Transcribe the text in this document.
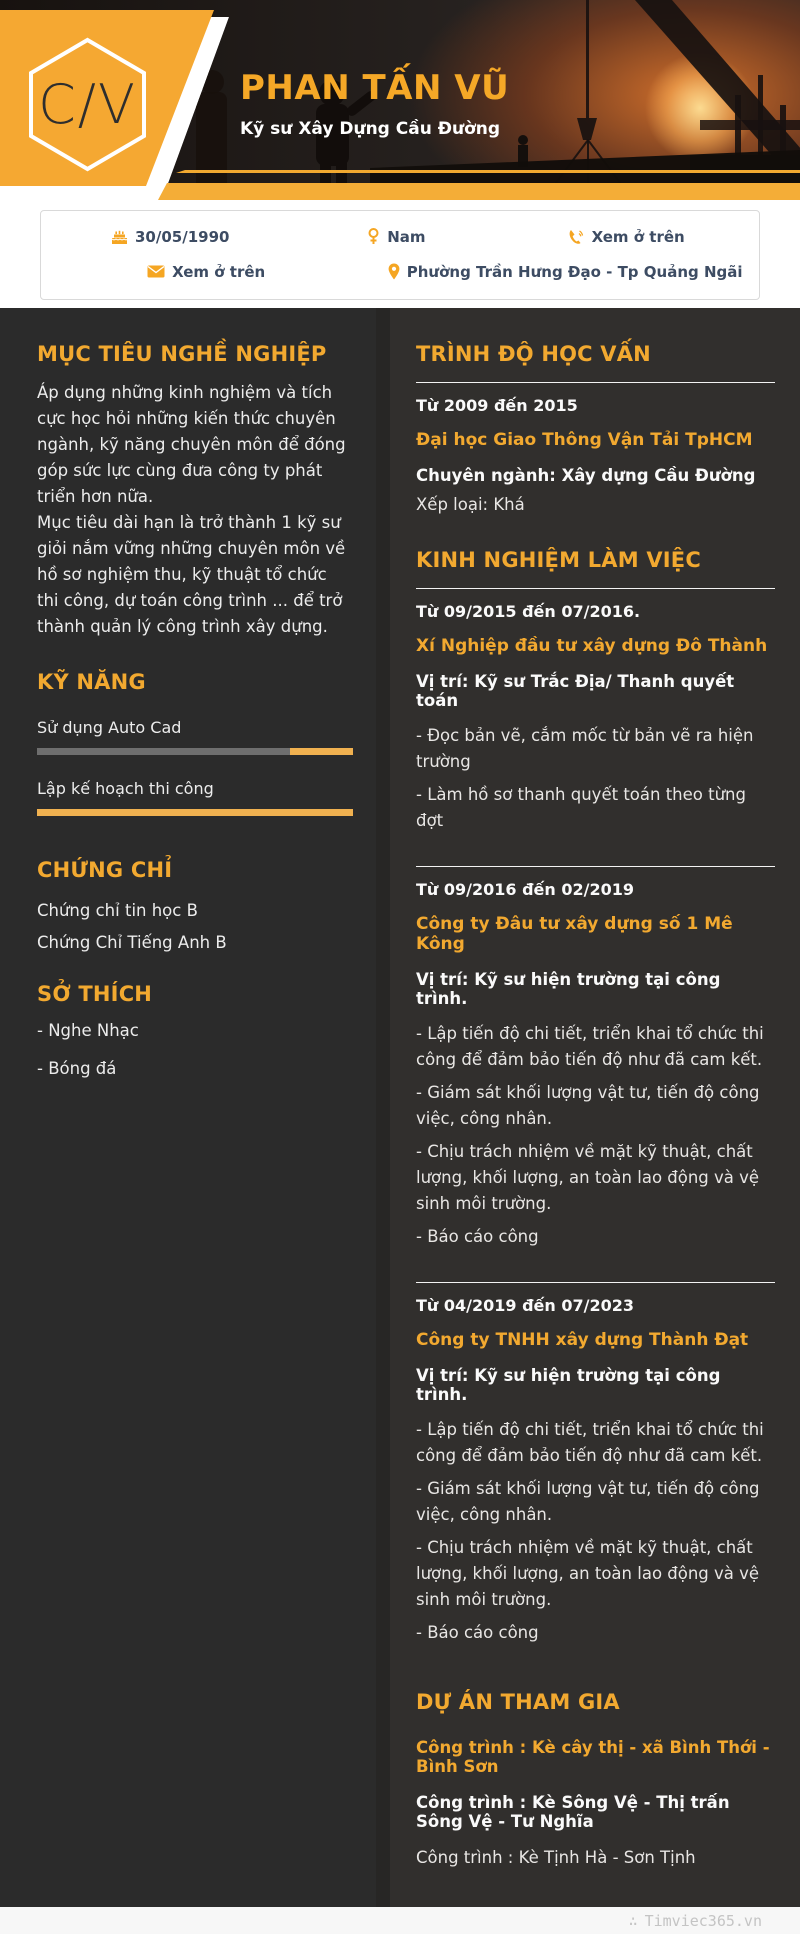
C/V	PHAN TẤN VŨ

Kỹ sư Xây Dựng Cầu Đường

30/05/1990	Nam	Xem ở trên
Xem ở trên	Phường Trần Hưng Đạo - Tp Quảng Ngãi
MỤC TIÊU NGHỀ NGHIỆP

Áp dụng những kinh nghiệm và tích cực học hỏi những kiến thức chuyên ngành, kỹ năng chuyên môn để đóng góp sức lực cùng đưa công ty phát triển hơn nữa.

Mục tiêu dài hạn là trở thành 1 kỹ sư giỏi nắm vững những chuyên môn về hồ sơ nghiệm thu, kỹ thuật tổ chức thi công, dự toán công trình ... để trở thành quản lý công trình xây dựng.

KỸ NĂNG
Sử dụng Auto Cad
Lập kế hoạch thi công
CHỨNG CHỈ

Chứng chỉ tin học B

Chứng Chỉ Tiếng Anh B

SỞ THÍCH

- Nghe Nhạc

- Bóng đá

TRÌNH ĐỘ HỌC VẤN

Từ 2009 đến 2015

Đại học Giao Thông Vận Tải TpHCM

Chuyên ngành: Xây dựng Cầu Đường

Xếp loại: Khá

KINH NGHIỆM LÀM VIỆC

Từ 09/2015 đến 07/2016.

Xí Nghiệp đầu tư xây dựng Đô Thành

Vị trí: Kỹ sư Trắc Địa/ Thanh quyết toán

- Đọc bản vẽ, cắm mốc từ bản vẽ ra hiện trường

- Làm hồ sơ thanh quyết toán theo từng đợt

Từ 09/2016 đến 02/2019

Công ty Đâu tư xây dựng số 1 Mê Kông

Vị trí: Kỹ sư hiện trường tại công trình.

- Lập tiến độ chi tiết, triển khai tổ chức thi công để đảm bảo tiến độ như đã cam kết.

- Giám sát khối lượng vật tư, tiến độ công việc, công nhân.

- Chịu trách nhiệm về mặt kỹ thuật, chất lượng, khối lượng, an toàn lao động và vệ sinh môi trường.

- Báo cáo công

Từ 04/2019 đến 07/2023

Công ty TNHH xây dựng Thành Đạt

Vị trí: Kỹ sư hiện trường tại công trình.

- Lập tiến độ chi tiết, triển khai tổ chức thi công để đảm bảo tiến độ như đã cam kết.

- Giám sát khối lượng vật tư, tiến độ công việc, công nhân.

- Chịu trách nhiệm về mặt kỹ thuật, chất lượng, khối lượng, an toàn lao động và vệ sinh môi trường.

- Báo cáo công

DỰ ÁN THAM GIA

Công trình : Kè cây thị - xã Bình Thới - Bình Sơn

Công trình : Kè Sông Vệ - Thị trấn Sông Vệ - Tư Nghĩa

Công trình : Kè Tịnh Hà - Sơn Tịnh

∴ Timviec365.vn
